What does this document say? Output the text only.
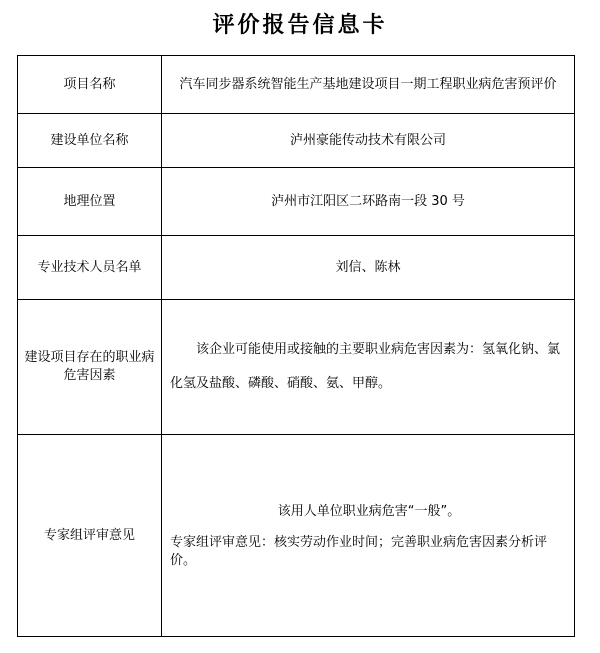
评价报告信息卡
项目名称	汽车同步器系统智能生产基地建设项目一期工程职业病危害预评价
建设单位名称	泸州豪能传动技术有限公司
地理位置	泸州市江阳区二环路南一段 30 号
专业技术人员名单	刘信、陈林
建设项目存在的职业病危害因素	该企业可能使用或接触的主要职业病危害因素为：氢氧化钠、氯化氢及盐酸、磷酸、硝酸、氨、甲醇。

专家组评审意见	该用人单位职业病危害“一般”。
专家组评审意见：核实劳动作业时间；完善职业病危害因素分析评价。
